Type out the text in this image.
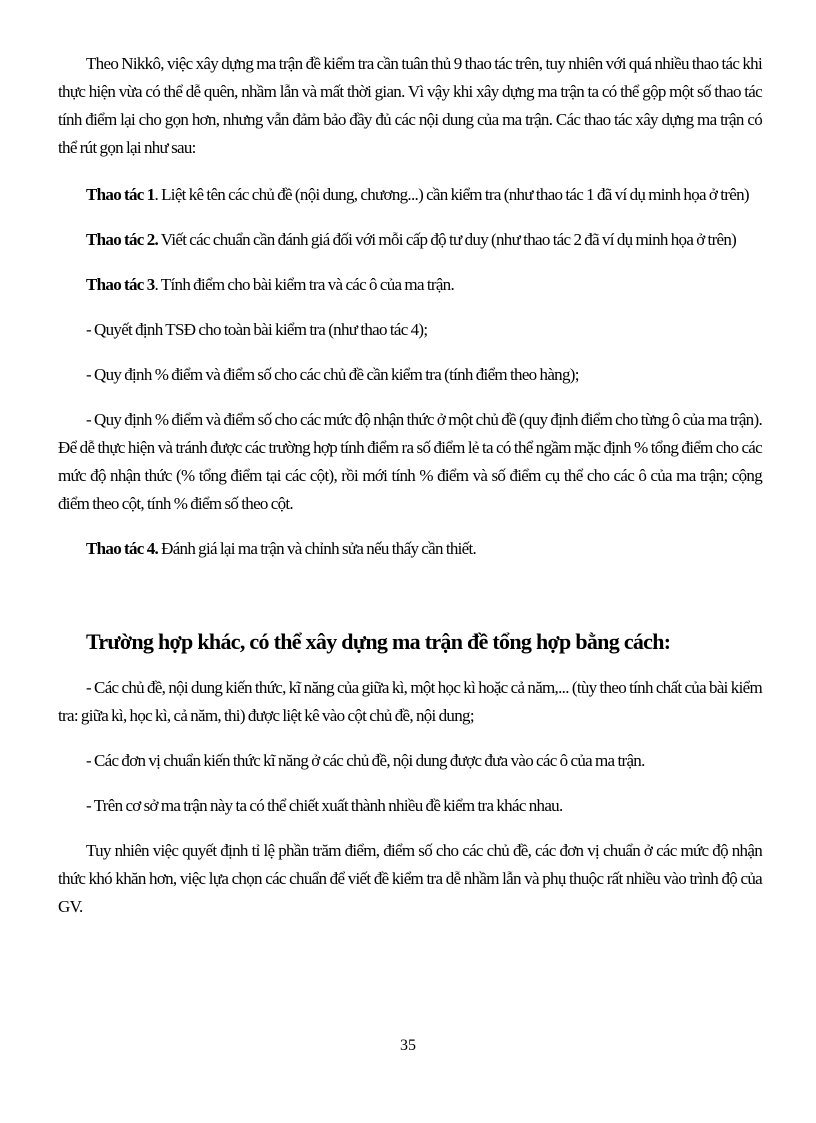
Theo Nikkô, việc xây dựng ma trận đề kiểm tra cần tuân thủ 9 thao tác trên, tuy nhiên với quá nhiều thao tác khi thực hiện vừa có thể dễ quên, nhầm lẫn và mất thời gian. Vì vậy khi xây dựng ma trận ta có thể gộp một số thao tác tính điểm lại cho gọn hơn, nhưng vẫn đảm bảo đầy đủ các nội dung của ma trận. Các thao tác xây dựng ma trận có thể rút gọn lại như sau:

Thao tác 1. Liệt kê tên các chủ đề (nội dung, chương...) cần kiểm tra (như thao tác 1 đã ví dụ minh họa ở trên)

Thao tác 2. Viết các chuẩn cần đánh giá đối với mỗi cấp độ tư duy (như thao tác 2 đã ví dụ minh họa ở trên)

Thao tác 3. Tính điểm cho bài kiểm tra và các ô của ma trận.

- Quyết định TSĐ cho toàn bài kiểm tra (như thao tác 4);

- Quy định % điểm và điểm số cho các chủ đề cần kiểm tra (tính điểm theo hàng);

- Quy định % điểm và điểm số cho các mức độ nhận thức ở một chủ đề (quy định điểm cho từng ô của ma trận). Để dễ thực hiện và tránh được các trường hợp tính điểm ra số điểm lẻ ta có thể ngầm mặc định % tổng điểm cho các mức độ nhận thức (% tổng điểm tại các cột), rồi mới tính % điểm và số điểm cụ thể cho các ô của ma trận; cộng điểm theo cột, tính % điểm số theo cột.

Thao tác 4. Đánh giá lại ma trận và chỉnh sửa nếu thấy cần thiết.

Trường hợp khác, có thể xây dựng ma trận đề tổng hợp bằng cách:

- Các chủ đề, nội dung kiến thức, kĩ năng của giữa kì, một học kì hoặc cả năm,... (tùy theo tính chất của bài kiểm tra: giữa kì, học kì, cả năm, thi) được liệt kê vào cột chủ đề, nội dung;

- Các đơn vị chuẩn kiến thức kĩ năng ở các chủ đề, nội dung được đưa vào các ô của ma trận.

- Trên cơ sở ma trận này ta có thể chiết xuất thành nhiều đề kiểm tra khác nhau.

Tuy nhiên việc quyết định tỉ lệ phần trăm điểm, điểm số cho các chủ đề, các đơn vị chuẩn ở các mức độ nhận thức khó khăn hơn, việc lựa chọn các chuẩn để viết đề kiểm tra dễ nhầm lẫn và phụ thuộc rất nhiều vào trình độ của GV.

35
